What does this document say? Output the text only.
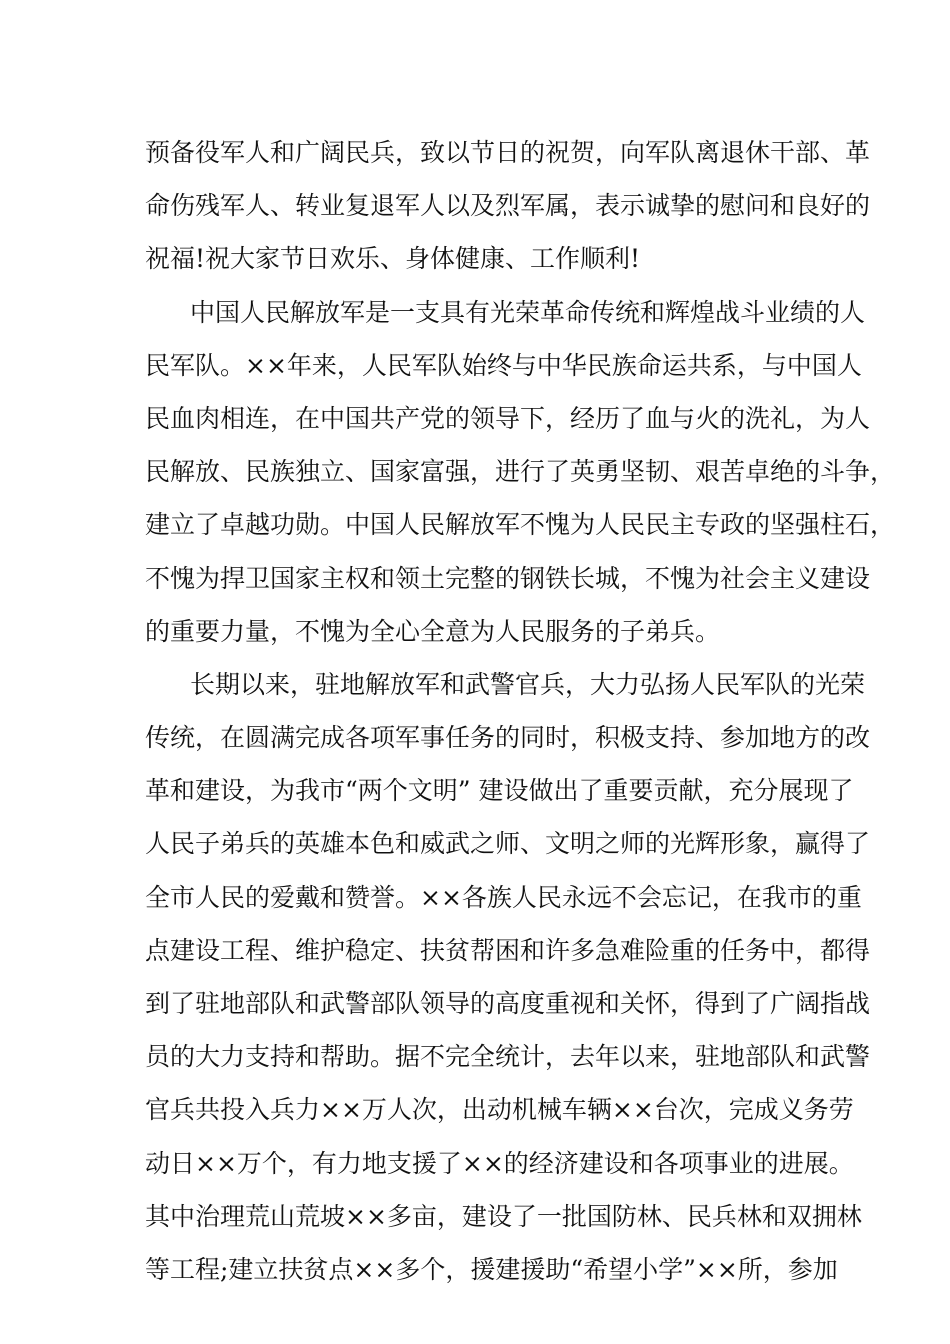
预备役军人和广阔民兵，致以节日的祝贺，向军队离退休干部、革
命伤残军人、转业复退军人以及烈军属，表示诚挚的慰问和良好的
祝福!祝大家节日欢乐、身体健康、工作顺利!
中国人民解放军是一支具有光荣革命传统和辉煌战斗业绩的人
民军队。××年来，人民军队始终与中华民族命运共系，与中国人
民血肉相连，在中国共产党的领导下，经历了血与火的洗礼，为人
民解放、民族独立、国家富强，进行了英勇坚韧、艰苦卓绝的斗争，
建立了卓越功勋。中国人民解放军不愧为人民民主专政的坚强柱石，
不愧为捍卫国家主权和领土完整的钢铁长城，不愧为社会主义建设
的重要力量，不愧为全心全意为人民服务的子弟兵。
长期以来，驻地解放军和武警官兵，大力弘扬人民军队的光荣
传统，在圆满完成各项军事任务的同时，积极支持、参加地方的改
革和建设，为我市“两个文明” 建设做出了重要贡献，充分展现了
人民子弟兵的英雄本色和威武之师、文明之师的光辉形象，赢得了
全市人民的爱戴和赞誉。××各族人民永远不会忘记，在我市的重
点建设工程、维护稳定、扶贫帮困和许多急难险重的任务中，都得
到了驻地部队和武警部队领导的高度重视和关怀，得到了广阔指战
员的大力支持和帮助。据不完全统计，去年以来，驻地部队和武警
官兵共投入兵力××万人次，出动机械车辆××台次，完成义务劳
动日××万个，有力地支援了××的经济建设和各项事业的进展。
其中治理荒山荒坡××多亩，建设了一批国防林、民兵林和双拥林
等工程;建立扶贫点××多个，援建援助“希望小学”××所，参加
